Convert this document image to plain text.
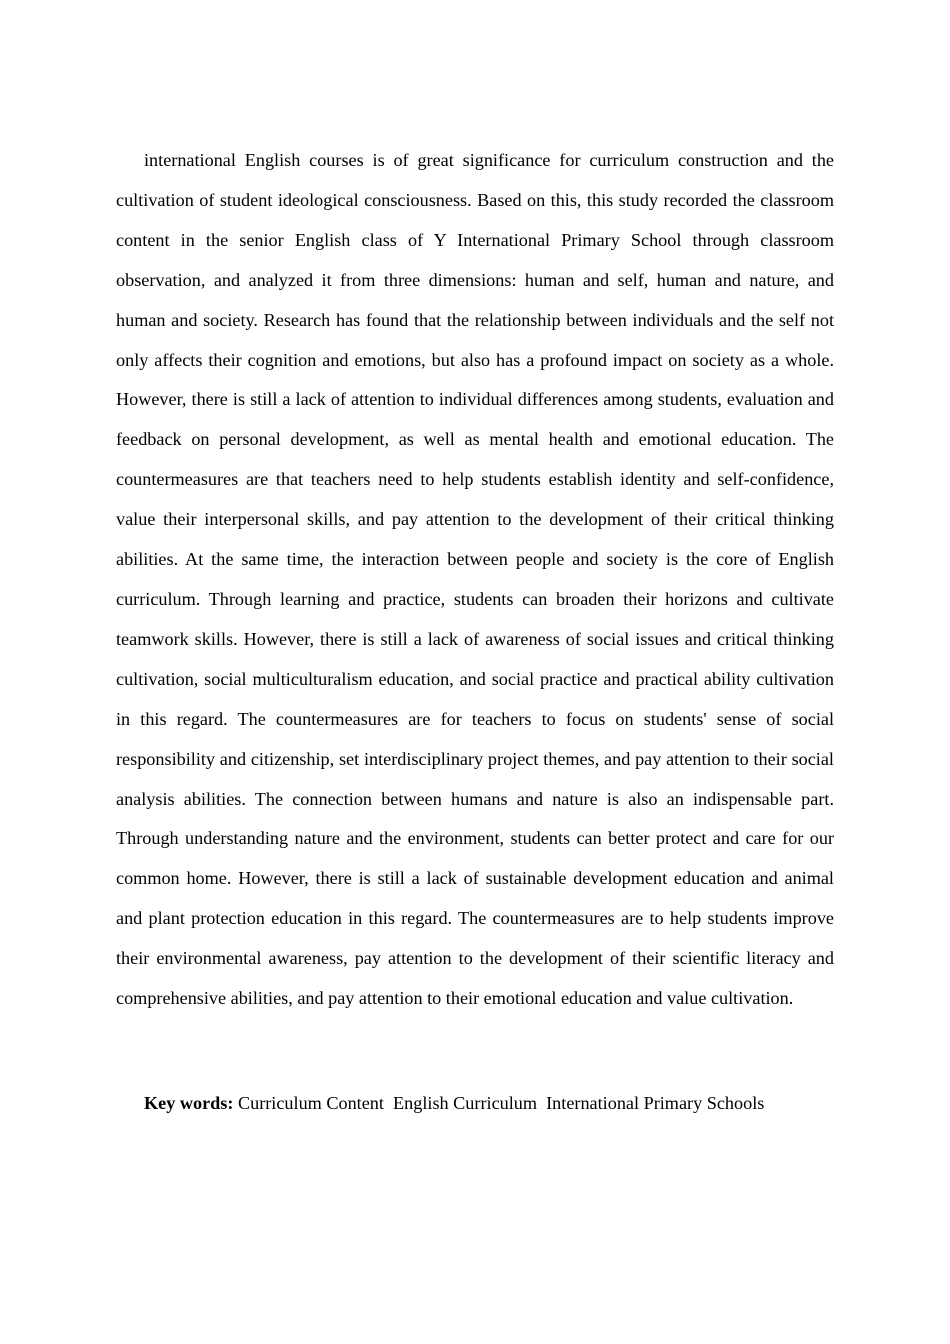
international English courses is of great significance for curriculum construction and the cultivation of student ideological consciousness. Based on this, this study recorded the classroom content in the senior English class of Y International Primary School through classroom observation, and analyzed it from three dimensions: human and self, human and nature, and human and society. Research has found that the relationship between individuals and the self not only affects their cognition and emotions, but also has a profound impact on society as a whole. However, there is still a lack of attention to individual differences among students, evaluation and feedback on personal development, as well as mental health and emotional education. The countermeasures are that teachers need to help students establish identity and self-confidence, value their interpersonal skills, and pay attention to the development of their critical thinking abilities. At the same time, the interaction between people and society is the core of English curriculum. Through learning and practice, students can broaden their horizons and cultivate teamwork skills. However, there is still a lack of awareness of social issues and critical thinking cultivation, social multiculturalism education, and social practice and practical ability cultivation in this regard. The countermeasures are for teachers to focus on students' sense of social responsibility and citizenship, set interdisciplinary project themes, and pay attention to their social analysis abilities. The connection between humans and nature is also an indispensable part. Through understanding nature and the environment, students can better protect and care for our common home. However, there is still a lack of sustainable development education and animal and plant protection education in this regard. The countermeasures are to help students improve their environmental awareness, pay attention to the development of their scientific literacy and comprehensive abilities, and pay attention to their emotional education and value cultivation.

Key words: Curriculum Content  English Curriculum  International Primary Schools
